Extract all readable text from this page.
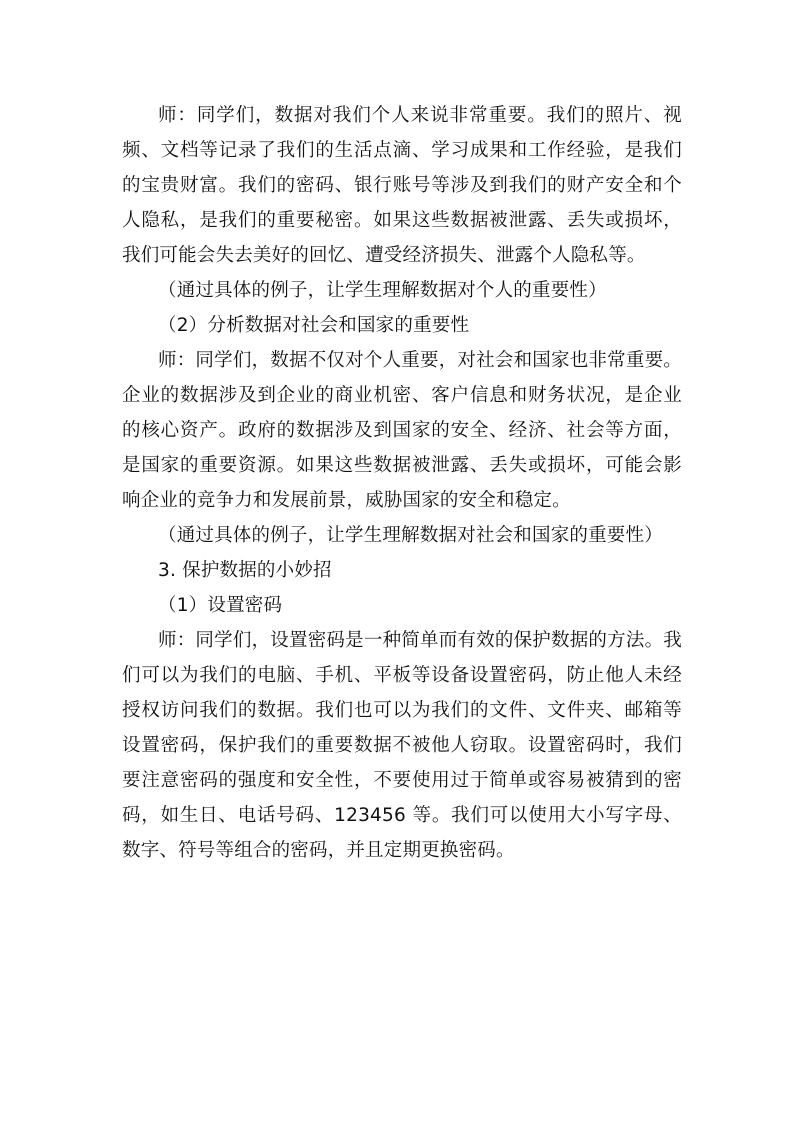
师：同学们，数据对我们个人来说非常重要。我们的照片、视频、文档等记录了我们的生活点滴、学习成果和工作经验，是我们的宝贵财富。我们的密码、银行账号等涉及到我们的财产安全和个人隐私，是我们的重要秘密。如果这些数据被泄露、丢失或损坏，我们可能会失去美好的回忆、遭受经济损失、泄露个人隐私等。

（通过具体的例子，让学生理解数据对个人的重要性）

（2）分析数据对社会和国家的重要性

师：同学们，数据不仅对个人重要，对社会和国家也非常重要。企业的数据涉及到企业的商业机密、客户信息和财务状况，是企业的核心资产。政府的数据涉及到国家的安全、经济、社会等方面，是国家的重要资源。如果这些数据被泄露、丢失或损坏，可能会影响企业的竞争力和发展前景，威胁国家的安全和稳定。

（通过具体的例子，让学生理解数据对社会和国家的重要性）

3. 保护数据的小妙招

（1）设置密码

师：同学们，设置密码是一种简单而有效的保护数据的方法。我们可以为我们的电脑、手机、平板等设备设置密码，防止他人未经授权访问我们的数据。我们也可以为我们的文件、文件夹、邮箱等设置密码，保护我们的重要数据不被他人窃取。设置密码时，我们要注意密码的强度和安全性，不要使用过于简单或容易被猜到的密码，如生日、电话号码、123456 等。我们可以使用大小写字母、数字、符号等组合的密码，并且定期更换密码。
